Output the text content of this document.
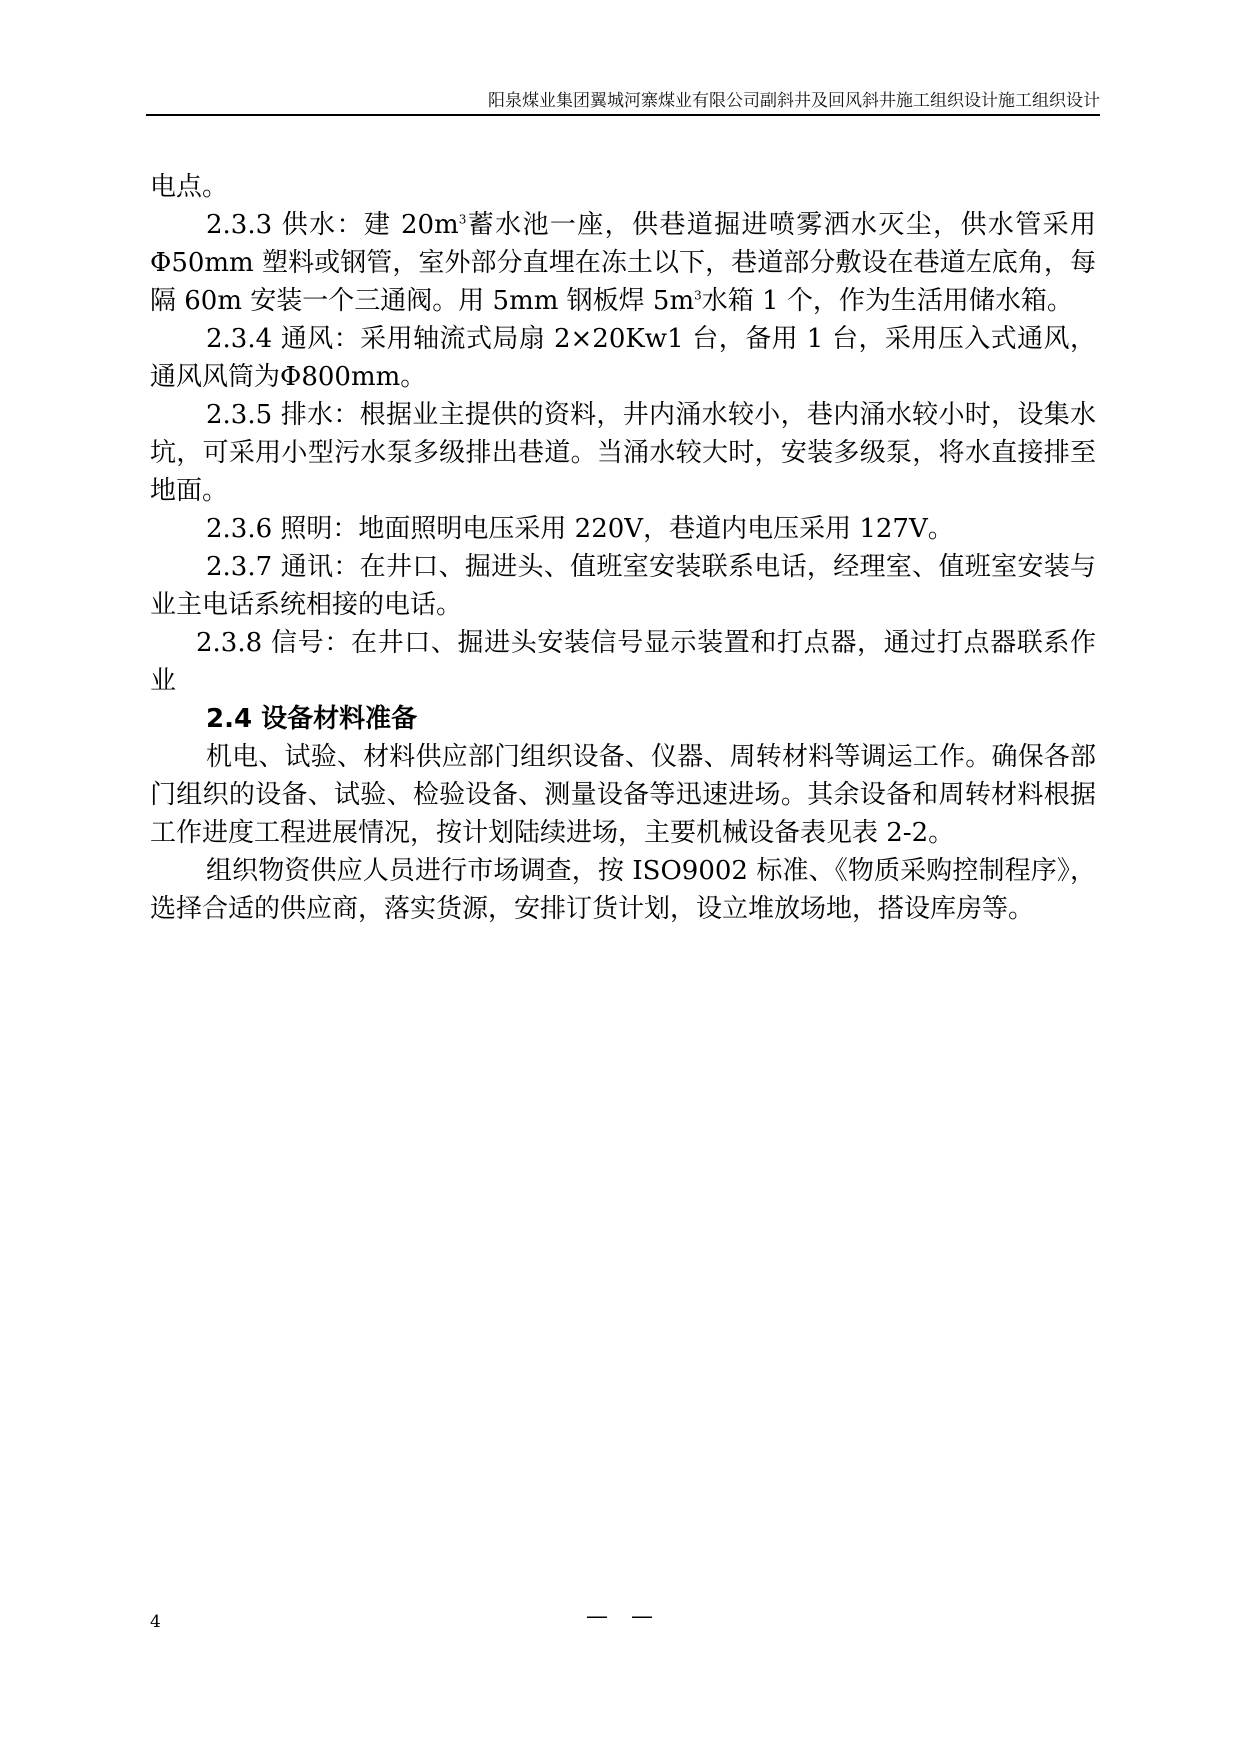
阳泉煤业集团翼城河寨煤业有限公司副斜井及回风斜井施工组织设计施工组织设计

电点。

2.3.3 供水：建 $20m^3$蓄水池一座，供巷道掘进喷雾洒水灭尘，供水管采用Φ50mm 塑料或钢管，室外部分直埋在冻土以下，巷道部分敷设在巷道左底角，每隔 60m 安装一个三通阀。用 5mm 钢板焊 $5m^3$水箱 1 个，作为生活用储水箱。

2.3.4 通风：采用轴流式局扇 2×20Kw1 台，备用 1 台，采用压入式通风，通风风筒为Φ800mm。

2.3.5 排水：根据业主提供的资料，井内涌水较小，巷内涌水较小时，设集水坑，可采用小型污水泵多级排出巷道。当涌水较大时，安装多级泵，将水直接排至地面。

2.3.6 照明：地面照明电压采用 220V，巷道内电压采用 127V。

2.3.7 通讯：在井口、掘进头、值班室安装联系电话，经理室、值班室安装与业主电话系统相接的电话。

2.3.8 信号：在井口、掘进头安装信号显示装置和打点器，通过打点器联系作业

2.4 设备材料准备

机电、试验、材料供应部门组织设备、仪器、周转材料等调运工作。确保各部门组织的设备、试验、检验设备、测量设备等迅速进场。其余设备和周转材料根据工作进度工程进展情况，按计划陆续进场，主要机械设备表见表 2-2。

组织物资供应人员进行市场调查，按 ISO9002 标准、《物质采购控制程序》，选择合适的供应商，落实货源，安排订货计划，设立堆放场地，搭设库房等。

4	— —
